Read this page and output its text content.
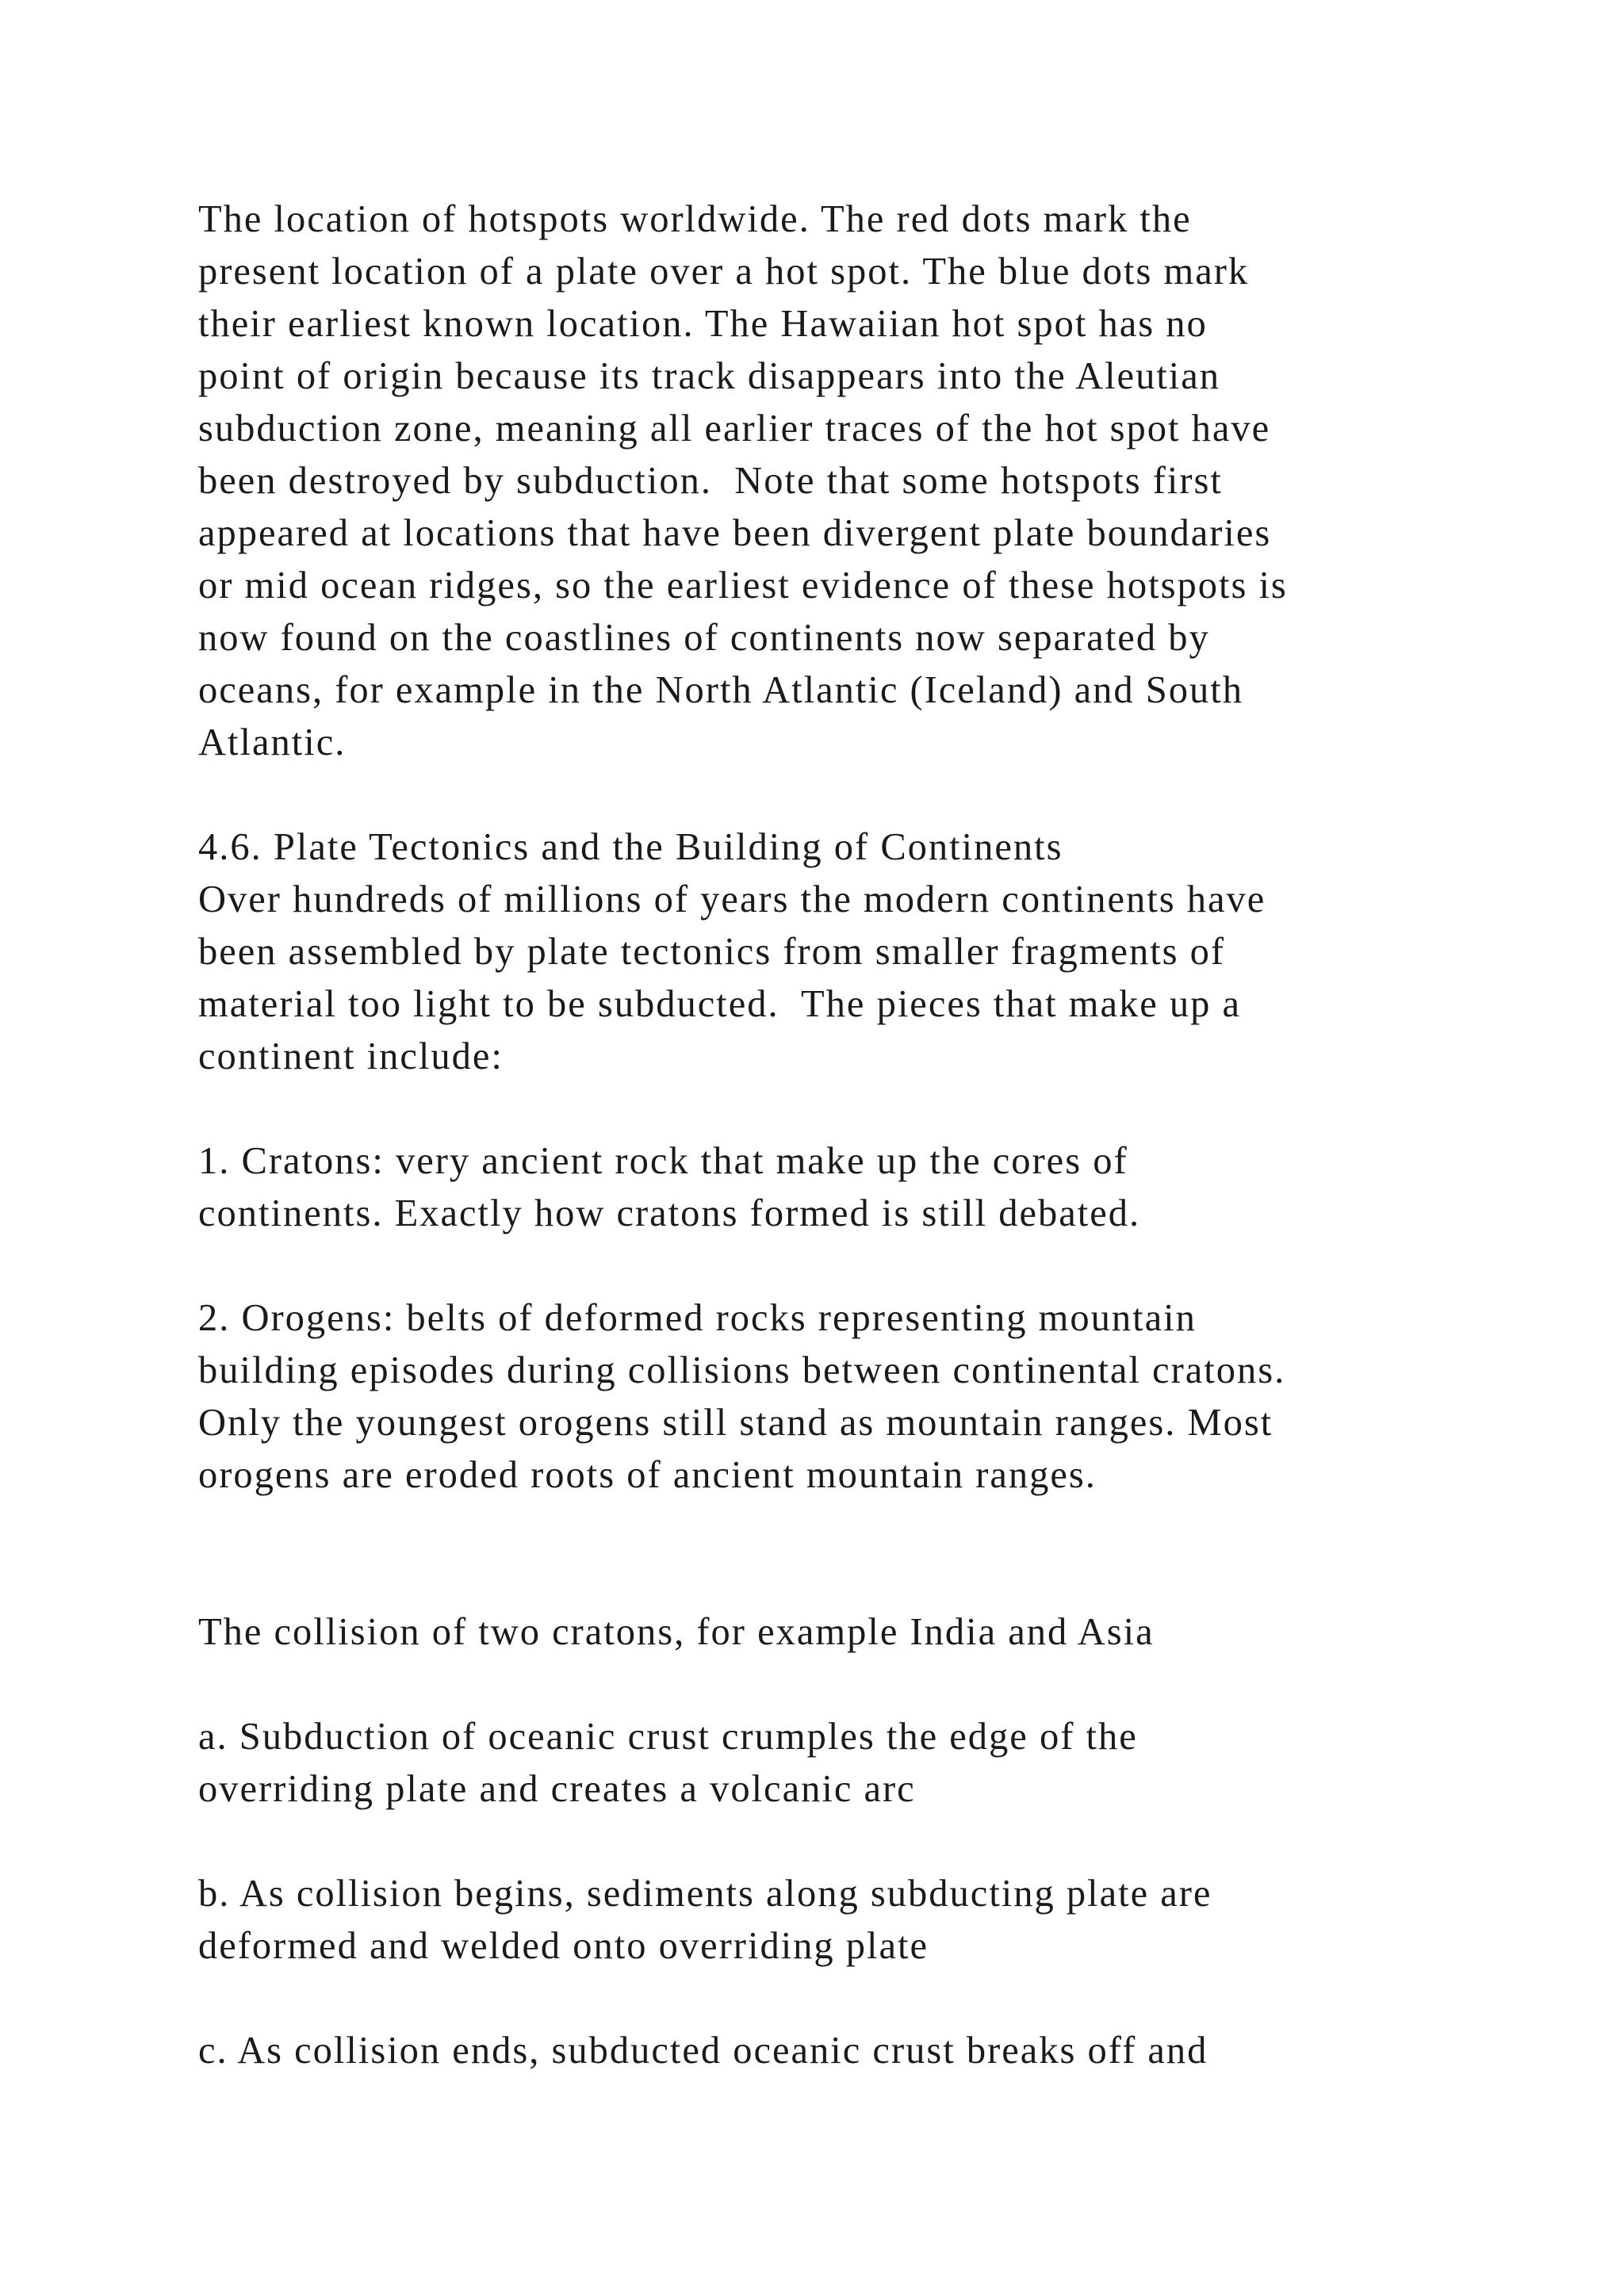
The location of hotspots worldwide. The red dots mark the

present location of a plate over a hot spot. The blue dots mark

their earliest known location. The Hawaiian hot spot has no

point of origin because its track disappears into the Aleutian

subduction zone, meaning all earlier traces of the hot spot have

been destroyed by subduction.  Note that some hotspots first

appeared at locations that have been divergent plate boundaries

or mid ocean ridges, so the earliest evidence of these hotspots is

now found on the coastlines of continents now separated by

oceans, for example in the North Atlantic (Iceland) and South

Atlantic.

4.6. Plate Tectonics and the Building of Continents

Over hundreds of millions of years the modern continents have

been assembled by plate tectonics from smaller fragments of

material too light to be subducted.  The pieces that make up a

continent include:

1. Cratons: very ancient rock that make up the cores of

continents. Exactly how cratons formed is still debated.

2. Orogens: belts of deformed rocks representing mountain

building episodes during collisions between continental cratons.

Only the youngest orogens still stand as mountain ranges. Most

orogens are eroded roots of ancient mountain ranges.

The collision of two cratons, for example India and Asia

a. Subduction of oceanic crust crumples the edge of the

overriding plate and creates a volcanic arc

b. As collision begins, sediments along subducting plate are

deformed and welded onto overriding plate

c. As collision ends, subducted oceanic crust breaks off and
